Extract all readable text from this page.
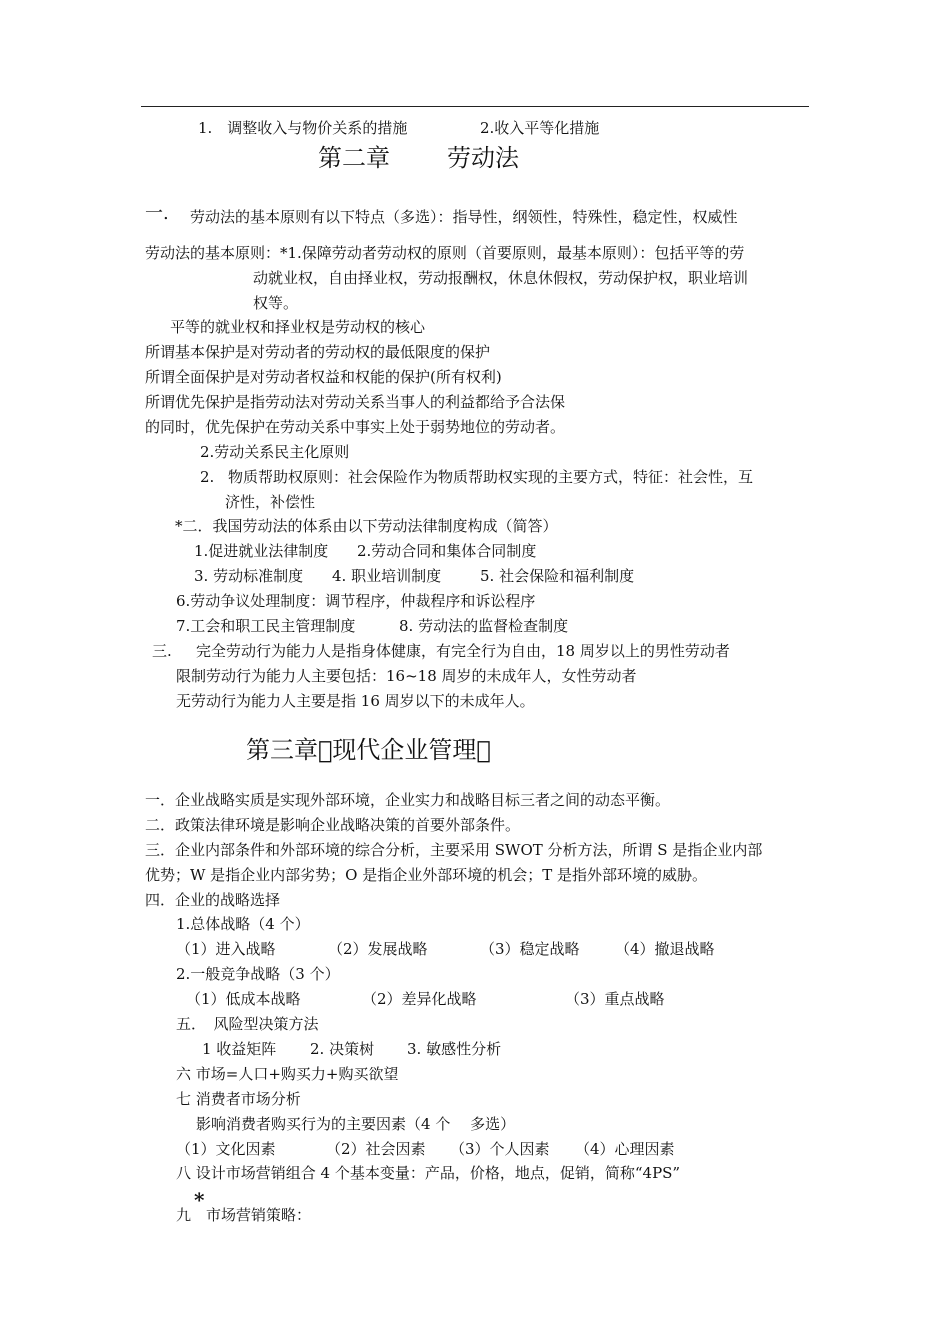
1.　调整收入与物价关系的措施	2.收入平等化措施
第二章 劳动法
一. 劳动法的基本原则有以下特点（多选）：指导性，纲领性，特殊性，稳定性，权威性
劳动法的基本原则：*1.保障劳动者劳动权的原则（首要原则，最基本原则）：包括平等的劳
动就业权，自由择业权，劳动报酬权，休息休假权，劳动保护权，职业培训
权等。
平等的就业权和择业权是劳动权的核心
所谓基本保护是对劳动者的劳动权的最低限度的保护
所谓全面保护是对劳动者权益和权能的保护(所有权利)
所谓优先保护是指劳动法对劳动关系当事人的利益都给予合法保
的同时，优先保护在劳动关系中事实上处于弱势地位的劳动者。
2.劳动关系民主化原则
2. 物质帮助权原则：社会保险作为物质帮助权实现的主要方式，特征：社会性，互
济性，补偿性
*二．我国劳动法的体系由以下劳动法律制度构成（简答）
1.促进就业法律制度 2.劳动合同和集体合同制度
3. 劳动标准制度 4. 职业培训制度	5. 社会保险和福利制度
6.劳动争议处理制度：调节程序，仲裁程序和诉讼程序
7.工会和职工民主管理制度	8. 劳动法的监督检查制度
三. 完全劳动行为能力人是指身体健康，有完全行为自由，18 周岁以上的男性劳动者
限制劳动行为能力人主要包括：16~18 周岁的未成年人，女性劳动者
无劳动行为能力人主要是指 16 周岁以下的未成年人。
第三章 现代企业管理 
一．企业战略实质是实现外部环境，企业实力和战略目标三者之间的动态平衡。
二．政策法律环境是影响企业战略决策的首要外部条件。
三．企业内部条件和外部环境的综合分析，主要采用 SWOT 分析方法，所谓 S 是指企业内部
优势；W 是指企业内部劣势；O 是指企业外部环境的机会；T 是指外部环境的威胁。
四．企业的战略选择
1.总体战略（4 个）
（1）进入战略	（2）发展战略	（3）稳定战略 （4）撤退战略
2.一般竞争战略（3 个）
（1）低成本战略	（2）差异化战略	（3）重点战略
五．　风险型决策方法
1 收益矩阵 2. 决策树 3. 敏感性分析
六 市场=人口+购买力+购买欲望
七 消费者市场分析
影响消费者购买行为的主要因素（4 个　 多选）
（1）文化因素	（2）社会因素 （3）个人因素 （4）心理因素
八 设计市场营销组合 4 个基本变量：产品，价格，地点，促销，简称“4PS”
*
九 市场营销策略：
